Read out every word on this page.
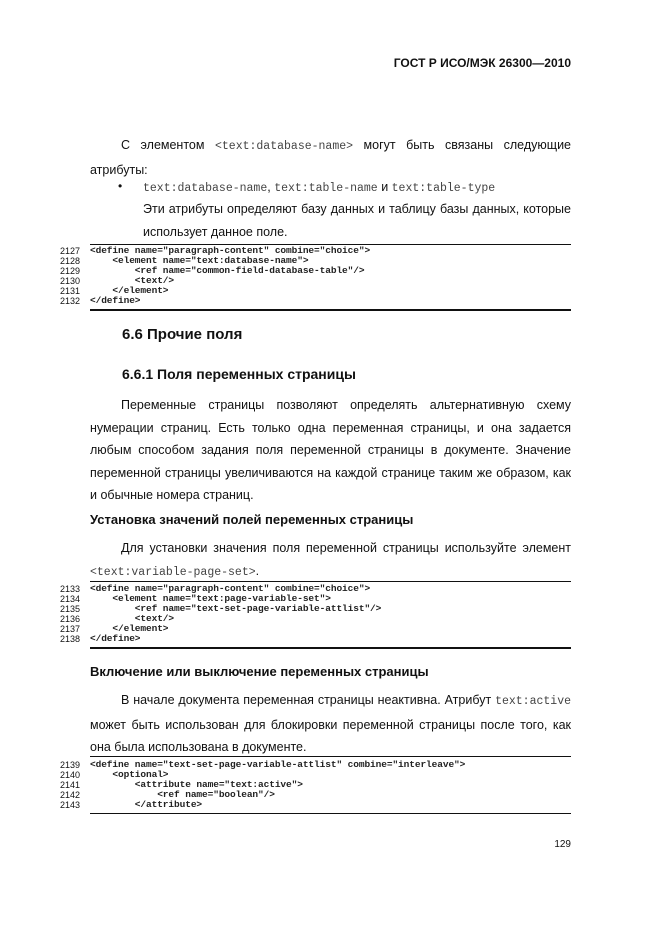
ГОСТ Р ИСО/МЭК 26300—2010
С элементом <text:database-name> могут быть связаны следующие атрибуты:
• text:database-name, text:table-name и text:table-type
Эти атрибуты определяют базу данных и таблицу базы данных, которые использует данное поле.
2127 <define name="paragraph-content" combine="choice">
2128 <element name="text:database-name">
2129 <ref name="common-field-database-table"/>
2130 <text/>
2131 </element>
2132 </define>
6.6 Прочие поля
6.6.1 Поля переменных страницы
Переменные страницы позволяют определять альтернативную схему нумерации страниц. Есть только одна переменная страницы, и она задается любым способом задания поля переменной страницы в документе. Значение переменной страницы увеличиваются на каждой странице таким же образом, как и обычные номера страниц.
Установка значений полей переменных страницы
Для установки значения поля переменной страницы используйте элемент
<text:variable-page-set>.
2133 <define name="paragraph-content" combine="choice">
2134 <element name="text:page-variable-set">
2135 <ref name="text-set-page-variable-attlist"/>
2136 <text/>
2137 </element>
2138 </define>
Включение или выключение переменных страницы
В начале документа переменная страницы неактивна. Атрибут text:active может быть использован для блокировки переменной страницы после того, как она была использована в документе.
2139 <define name="text-set-page-variable-attlist" combine="interleave">
2140 <optional>
2141 <attribute name="text:active">
2142 <ref name="boolean"/>
2143 </attribute>
129
